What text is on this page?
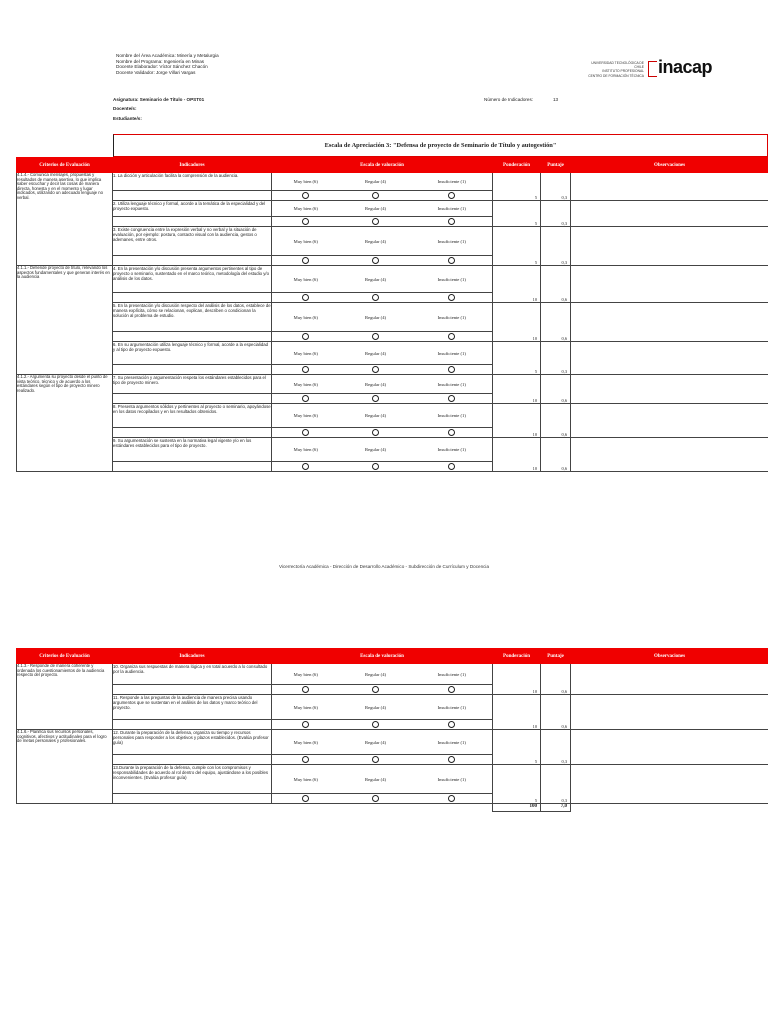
Nombre del Área Académica: Minería y Metalurgia
Nombre del Programa: Ingeniería en Minas
Docente Elaborador: Víctor Sánchez Chacón
Docente Validador: Jorge Villari Vargas
UNIVERSIDAD TECNOLÓGICA DE CHILE
INSTITUTO PROFESIONAL
CENTRO DE FORMACIÓN TÉCNICA inacap
Asignatura: Seminario de Título - OPST01	Número de Indicadores:	13
Docente/s:
Estudiante/s:
Escala de Apreciación 3: "Defensa de proyecto de Seminario de Título y autogestión"
Criterios de Evaluación	Indicadores	Escala de valoración			Ponderación	Puntaje	Observaciones
4.1.4.- Comunica mensajes, propuestas y resultados de manera asertiva, lo que implica saber escuchar y decir las cosas de manera directa, honesta y en el momento y lugar indicados, utilizando un adecuado lenguaje no verbal.	1. La dicción y articulación facilita la comprensión de la audiencia.	Muy bien (6)	Regular (4)	Insuficiente (1)	5	0,3	

	2. Utiliza lenguaje técnico y formal, acorde a la temática de la especialidad y del proyecto expuesto.	Muy bien (6)	Regular (4)	Insuficiente (1)	5	0,3	

	3. Existe congruencia entre la expresión verbal y no verbal y la situación de evaluación, por ejemplo: postura, contacto visual con la audiencia, gestos o ademanes, entre otros.	Muy bien (6)	Regular (4)	Insuficiente (1)	5	0,3	

4.1.1.- Defiende proyecto de título, relevando los aspectos fundamentales y que generan interés en la audiencia	4. En la presentación y/o discusión presenta argumentos pertinentes al tipo de proyecto o seminario, sustentado en el marco teórico, metodología del estudio y/o análisis de los datos.	Muy bien (6)	Regular (4)	Insuficiente (1)	10	0,6	

	5. En la presentación y/o discusión respecto del análisis de los datos, establece de manera explícita, cómo se relacionan, explican, describen o condicionan la solución al problema de estudio.	Muy bien (6)	Regular (4)	Insuficiente (1)	10	0,6	

	6. En su argumentación utiliza lenguaje técnico y formal, acorde a la especialidad y al tipo de proyecto expuesto.	Muy bien (6)	Regular (4)	Insuficiente (1)	5	0,3	

4.1.2.- Argumenta su proyecto desde el punto de vista teórico, técnico y de acuerdo a los estándares según el tipo de proyecto minero realizado.	7. Su presentación y argumentación respeta los estándares establecidos para el tipo de proyecto minero.	Muy bien (6)	Regular (4)	Insuficiente (1)	10	0,6	

	8. Presenta argumentos sólidos y pertinentes al proyecto o seminario, apoyándose en los datos recopilados y en los resultados obtenidos.	Muy bien (6)	Regular (4)	Insuficiente (1)	10	0,6	

	9. Su argumentación se sustenta en la normativa legal vigente y/o en los estándares establecidos para el tipo de proyecto.	Muy bien (6)	Regular (4)	Insuficiente (1)	10	0,6	

Vicerrectoría Académica - Dirección de Desarrollo Académico - Subdirección de Currículum y Docencia
Criterios de Evaluación	Indicadores	Escala de valoración			Ponderación	Puntaje	Observaciones
4.1.3.- Responde de manera coherente y ordenada los cuestionamientos de la audiencia respecto del proyecto.	10. Organiza sus respuestas de manera lógica y en total acuerdo a lo consultado por la audiencia.	Muy bien (6)	Regular (4)	Insuficiente (1)	10	0,6	

	11. Responde a las preguntas de la audiencia de manera precisa usando argumentos que se sustentan en el análisis de los datos y marco teórico del proyecto.	Muy bien (6)	Regular (4)	Insuficiente (1)	10	0,6	

4.1.6.- Planifica sus recursos personales, cognitivos, afectivos y actitudinales para el logro de metas personales y profesionales.	12. Durante la preparación de la defensa, organiza su tiempo y recursos personales para responder a los objetivos y plazos establecidos. (Evalúa profesor guía)	Muy bien (6)	Regular (4)	Insuficiente (1)	5	0,3	

	13.Durante la preparación de la defensa, cumple con los compromisos y responsabilidades de acuerdo al rol dentro del equipo, ajustándose a los posibles inconvenientes. (Evalúa profesor guía)	Muy bien (6)	Regular (4)	Insuficiente (1)	5	0,3	

					100	7,0	
